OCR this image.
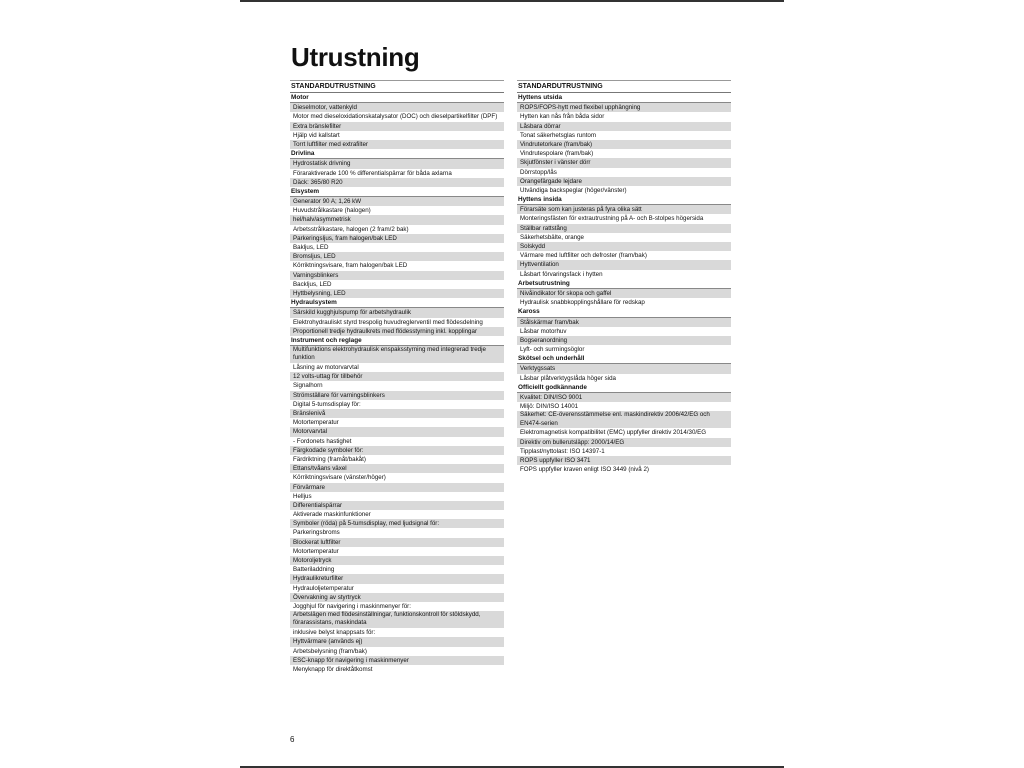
Utrustning
STANDARDUTRUSTNING
Motor
Dieselmotor, vattenkyld
Motor med dieseloxidationskatalysator (DOC) och dieselpartikelfilter (DPF)
Extra bränslefilter
Hjälp vid kallstart
Torrt luftfilter med extrafilter
Drivlina
Hydrostatisk drivning
Föraraktiverade 100 % differentialspärrar för båda axlarna
Däck: 365/80 R20
Elsystem
Generator 90 A; 1,26 kW
Huvudstrålkastare (halogen)
hel/halv/asymmetrisk
Arbetsstrålkastare, halogen (2 fram/2 bak)
Parkeringsljus, fram halogen/bak LED
Bakljus, LED
Bromsljus, LED
Körriktningsvisare, fram halogen/bak LED
Varningsblinkers
Backljus, LED
Hyttbelysning, LED
Hydraulsystem
Särskild kugghjulspump för arbetshydraulik
Elektrohydrauliskt styrd trespolig huvudreglerventil med flödesdelning
Proportionell tredje hydraulkrets med flödesstyrning inkl. kopplingar
Instrument och reglage
Multifunktions elektrohydraulisk enspaksstyrning med integrerad tredje funktion
Låsning av motorvarvtal
12 volts-uttag för tillbehör
Signalhorn
Strömställare för varningsblinkers
Digital 5-tumsdisplay för:
Bränslenivå
Motortemperatur
Motorvarvtal
- Fordonets hastighet
Färgkodade symboler för:
Färdriktning (framåt/bakåt)
Ettans/tvåans växel
Körriktningsvisare (vänster/höger)
Förvärmare
Helljus
Differentialspärrar
Aktiverade maskinfunktioner
Symboler (röda) på 5-tumsdisplay, med ljudsignal för:
Parkeringsbroms
Blockerat luftfilter
Motortemperatur
Motoroljetryck
Batteriladdning
Hydraulikreturfilter
Hydrauloljetemperatur
Övervakning av styrtryck
Jogghjul för navigering i maskinmenyer för:
Arbetslägen med flödesinställningar, funktionskontroll för stöldskydd, förarassistans, maskindata
inklusive belyst knappsats för:
Hyttvärmare (används ej)
Arbetsbelysning (fram/bak)
ESC-knapp för navigering i maskinmenyer
Menyknapp för direktåtkomst
STANDARDUTRUSTNING
Hyttens utsida
ROPS/FOPS-hytt med flexibel upphängning
Hytten kan nås från båda sidor
Låsbara dörrar
Tonat säkerhetsglas runtom
Vindrutetorkare (fram/bak)
Vindrutespolare (fram/bak)
Skjutfönster i vänster dörr
Dörrstopp/lås
Orangefärgade lejdare
Utvändiga backspeglar (höger/vänster)
Hyttens insida
Förarsäte som kan justeras på fyra olika sätt
Monteringsfästen för extrautrustning på A- och B-stolpes högersida
Ställbar rattstång
Säkerhetsbälte, orange
Solskydd
Värmare med luftfilter och defroster (fram/bak)
Hyttventilation
Låsbart förvaringsfack i hytten
Arbetsutrustning
Nivåindikator för skopa och gaffel
Hydraulisk snabbkopplingshållare för redskap
Kaross
Stålskärmar fram/bak
Låsbar motorhuv
Bogseranordning
Lyft- och surrningsöglor
Skötsel och underhåll
Verktygssats
Låsbar plåtverktygslåda höger sida
Officiellt godkännande
Kvalitet: DIN/ISO 9001
Miljö: DIN/ISO 14001
Säkerhet: CE-överensstämmelse enl. maskindirektiv 2006/42/EG och EN474-serien
Elektromagnetisk kompatibilitet (EMC) uppfyller direktiv 2014/30/EG
Direktiv om bullerutsläpp: 2000/14/EG
Tipplast/nyttolast: ISO 14397-1
ROPS uppfyller ISO 3471
FOPS uppfyller kraven enligt ISO 3449 (nivå 2)
6
